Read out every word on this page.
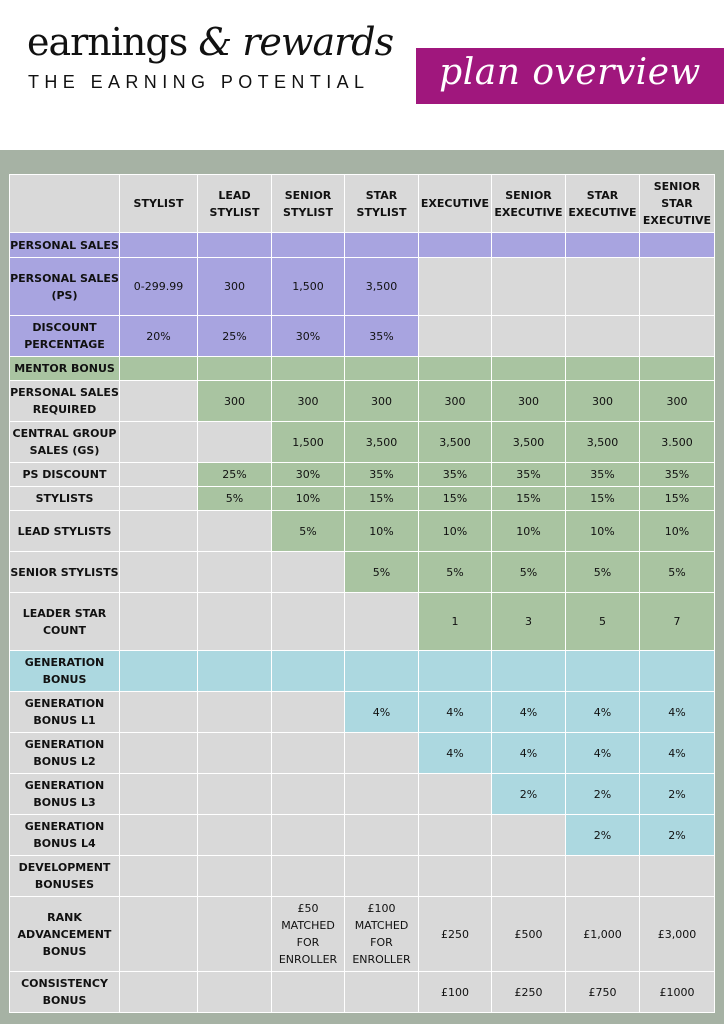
earnings & rewards
THE EARNING POTENTIAL	plan overview
	STYLIST	LEAD STYLIST	SENIOR STYLIST	STAR STYLIST	EXECUTIVE	SENIOR EXECUTIVE	STAR EXECUTIVE	SENIOR STAR EXECUTIVE
PERSONAL SALES								
PERSONAL SALES (PS)	0-299.99	300	1,500	3,500				
DISCOUNT PERCENTAGE	20%	25%	30%	35%				
MENTOR BONUS								
PERSONAL SALES REQUIRED		300	300	300	300	300	300	300
CENTRAL GROUP SALES (GS)			1,500	3,500	3,500	3,500	3,500	3.500
PS DISCOUNT		25%	30%	35%	35%	35%	35%	35%
STYLISTS		5%	10%	15%	15%	15%	15%	15%
LEAD STYLISTS			5%	10%	10%	10%	10%	10%
SENIOR STYLISTS				5%	5%	5%	5%	5%
LEADER STAR COUNT					1	3	5	7
GENERATION BONUS								
GENERATION BONUS L1				4%	4%	4%	4%	4%
GENERATION BONUS L2					4%	4%	4%	4%
GENERATION BONUS L3						2%	2%	2%
GENERATION BONUS L4							2%	2%
DEVELOPMENT BONUSES								
RANK ADVANCEMENT BONUS			£50 MATCHED FOR ENROLLER	£100 MATCHED FOR ENROLLER	£250	£500	£1,000	£3,000
CONSISTENCY BONUS					£100	£250	£750	£1000
